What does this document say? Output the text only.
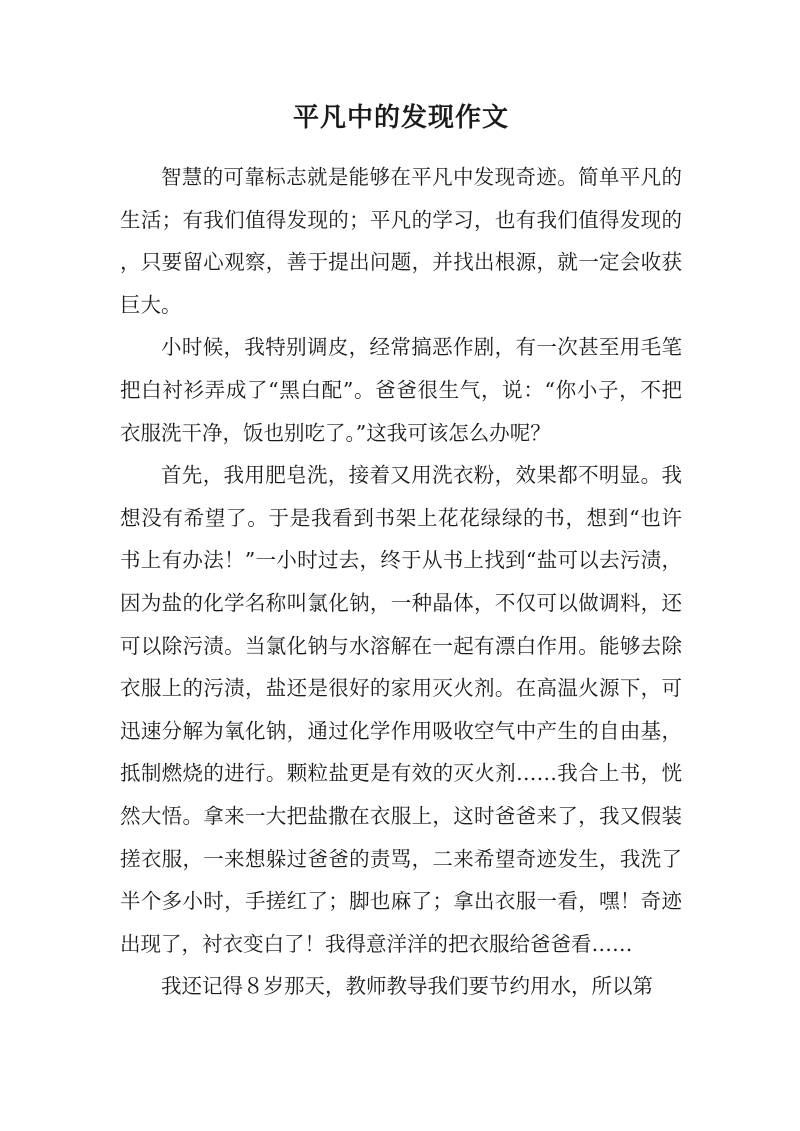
平凡中的发现作文

智慧的可靠标志就是能够在平凡中发现奇迹。简单平凡的生活；有我们值得发现的；平凡的学习，也有我们值得发现的，只要留心观察，善于提出问题，并找出根源，就一定会收获巨大。

小时候，我特别调皮，经常搞恶作剧，有一次甚至用毛笔把白衬衫弄成了“黑白配”。爸爸很生气，说：“你小子，不把衣服洗干净，饭也别吃了。”这我可该怎么办呢？

首先，我用肥皂洗，接着又用洗衣粉，效果都不明显。我想没有希望了。于是我看到书架上花花绿绿的书，想到“也许书上有办法！”一小时过去，终于从书上找到“盐可以去污渍，因为盐的化学名称叫氯化钠，一种晶体，不仅可以做调料，还可以除污渍。当氯化钠与水溶解在一起有漂白作用。能够去除衣服上的污渍，盐还是很好的家用灭火剂。在高温火源下，可迅速分解为氧化钠，通过化学作用吸收空气中产生的自由基，抵制燃烧的进行。颗粒盐更是有效的灭火剂……我合上书，恍然大悟。拿来一大把盐撒在衣服上，这时爸爸来了，我又假装搓衣服，一来想躲过爸爸的责骂，二来希望奇迹发生，我洗了半个多小时，手搓红了；脚也麻了；拿出衣服一看，嘿！奇迹出现了，衬衣变白了！我得意洋洋的把衣服给爸爸看……

我还记得８岁那天，教师教导我们要节约用水，所以第
